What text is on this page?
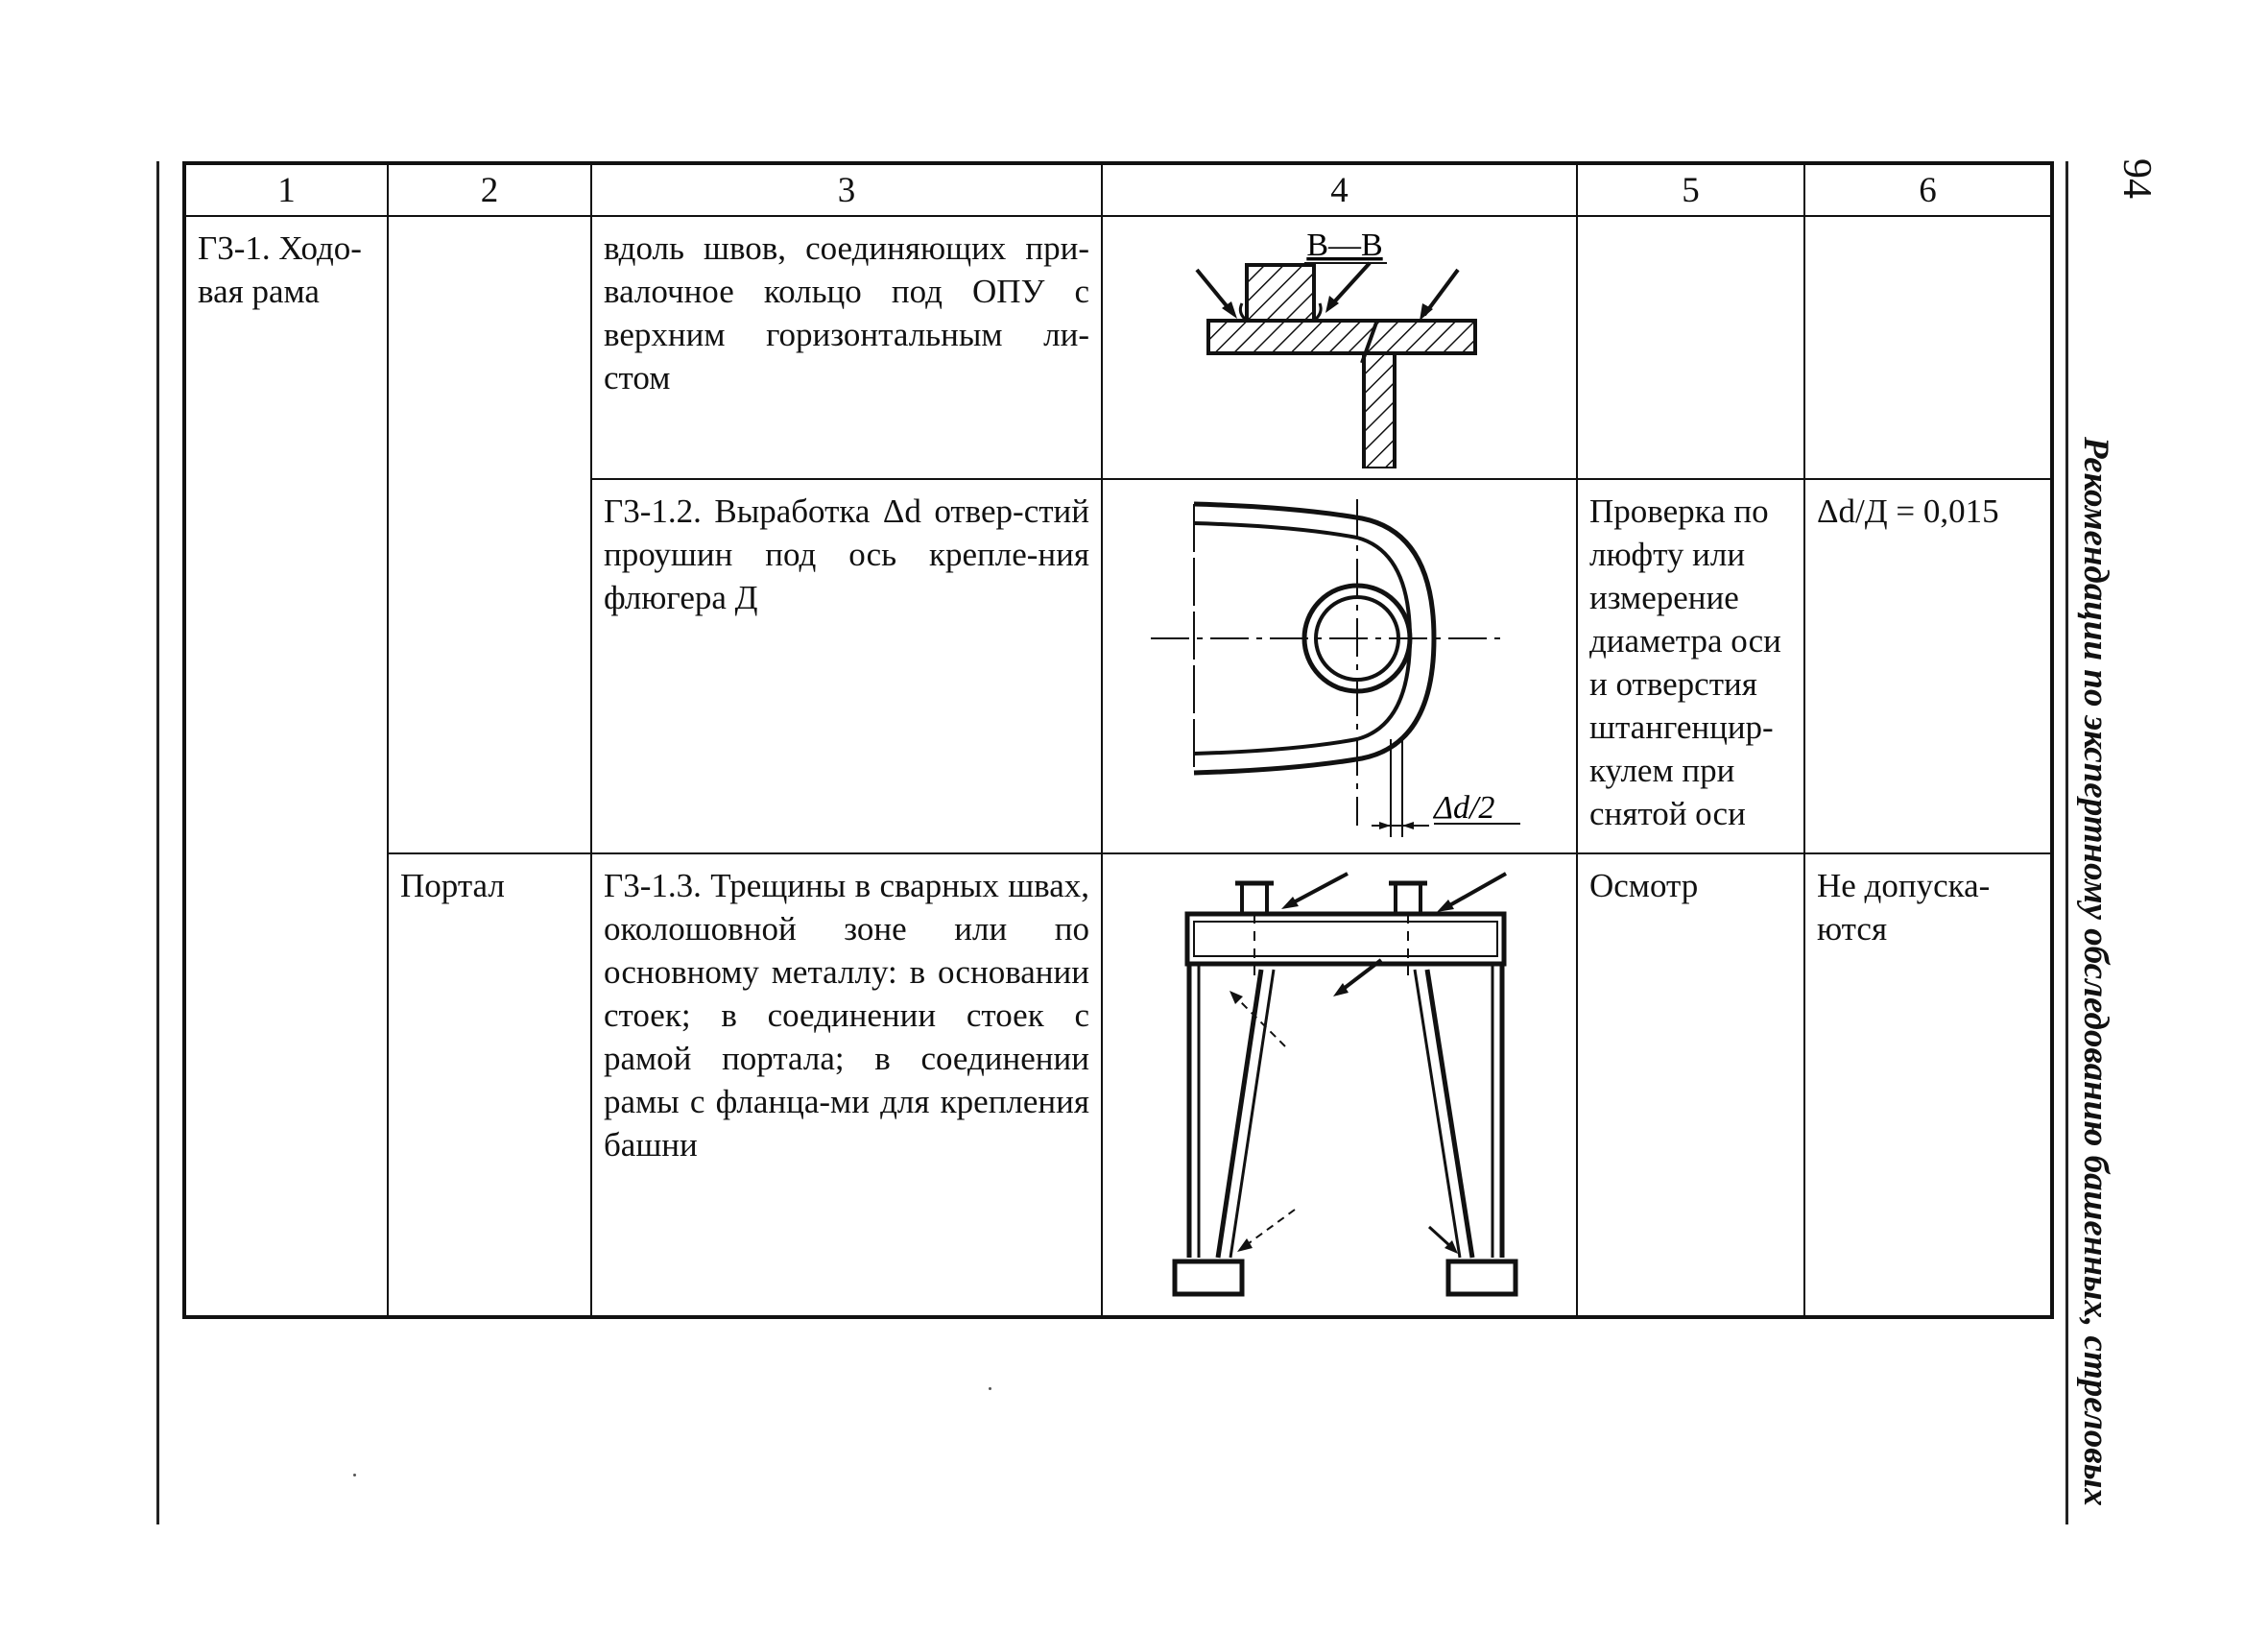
1	2	3	4	5	6
Г3-1. Ходо-вая рама		вдоль швов, соединяющих при-валочное кольцо под ОПУ с верхним горизонтальным ли-стом	В—В		

		Г3-1.2. Выработка Δd отвер-стий проушин под ось крепле-ния флюгера Д	Δd/2	Проверка по люфту или измерение диаметра оси и отверстия штангенцир-кулем при снятой оси	Δd/Д = 0,015
	Портал	Г3-1.3. Трещины в сварных швах, околошовной зоне или по основному металлу: в основании стоек; в соединении стоек с рамой портала; в соединении рамы с фланца-ми для крепления башни		Осмотр	Не допуска-ются
94
Рекомендации по экспертному обследованию башенных, стреловых
